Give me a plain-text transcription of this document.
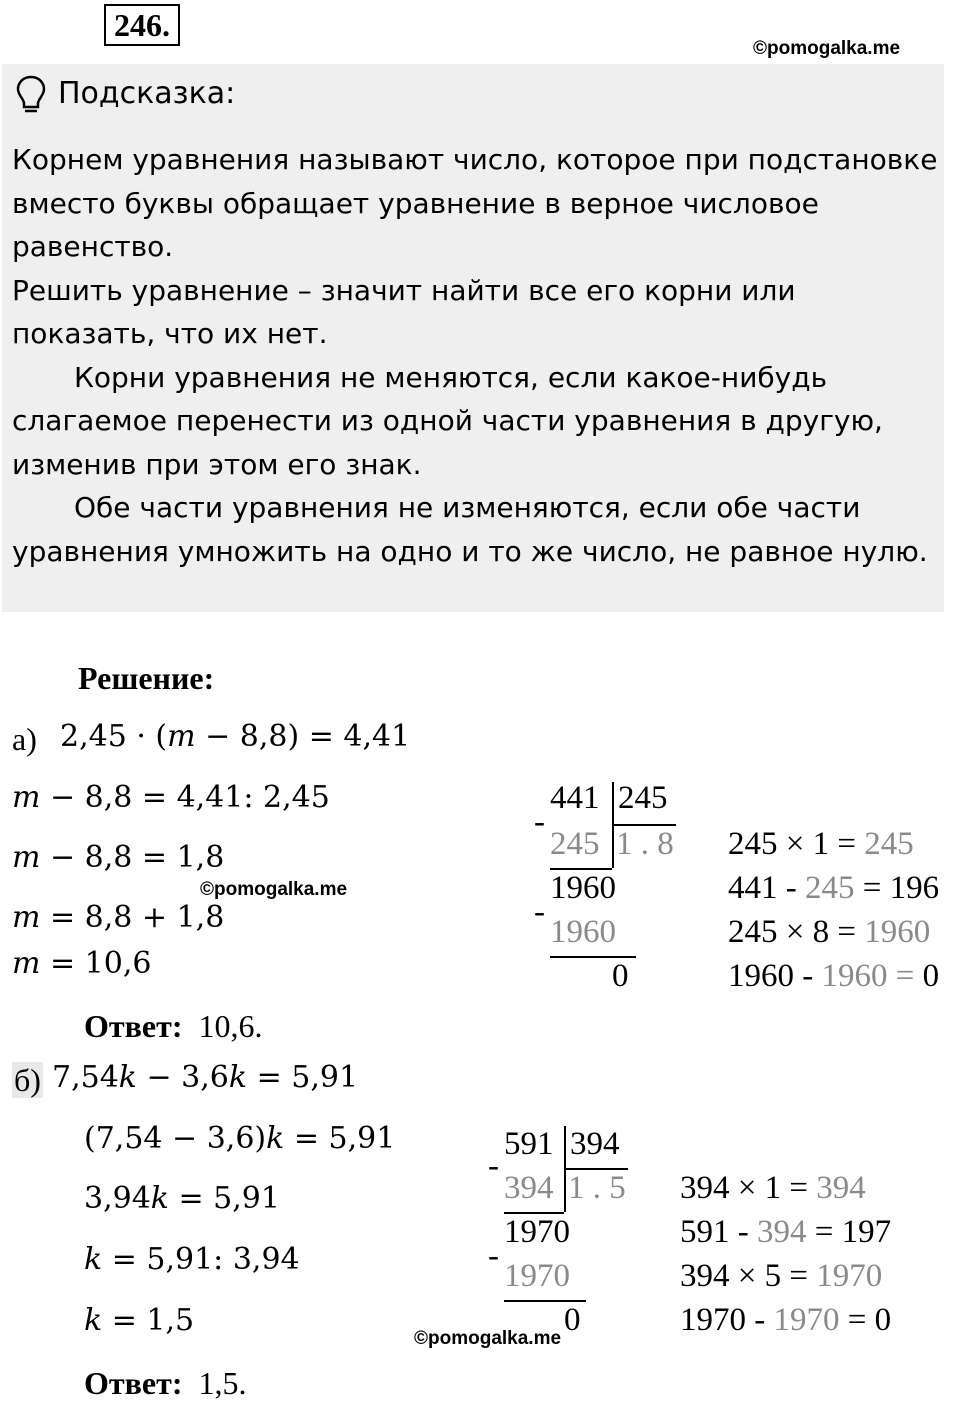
246.
©pomogalka.me
Подсказка:

Корнем уравнения называют число, которое при подстановке вместо буквы обращает уравнение в верное числовое равенство.

Решить уравнение – значит найти все его корни или показать, что их нет.

Корни уравнения не меняются, если какое-нибудь слагаемое перенести из одной части уравнения в другую, изменив при этом его знак.

Обе части уравнения не изменяются, если обе части уравнения умножить на одно и то же число, не равное нулю.

Решение:
а) 2,45 · (𝑚 − 8,8) = 4,41
𝑚 − 8,8 = 4,41: 2,45
𝑚 − 8,8 = 1,8
©pomogalka.me
𝑚 = 8,8 + 1,8
𝑚 = 10,6
Ответ: 10,6.
441 245
-
245 1 . 8
1960
-
1960
0
245 × 1 = 245
441 - 245 = 196
245 × 8 = 1960
1960 - 1960 = 0
б) 7,54𝑘 − 3,6𝑘 = 5,91
(7,54 − 3,6)𝑘 = 5,91
3,94𝑘 = 5,91
𝑘 = 5,91: 3,94
𝑘 = 1,5
Ответ: 1,5.
591 394
-
394 1 . 5
1970
-
1970
0
©pomogalka.me
394 × 1 = 394
591 - 394 = 197
394 × 5 = 1970
1970 - 1970 = 0
